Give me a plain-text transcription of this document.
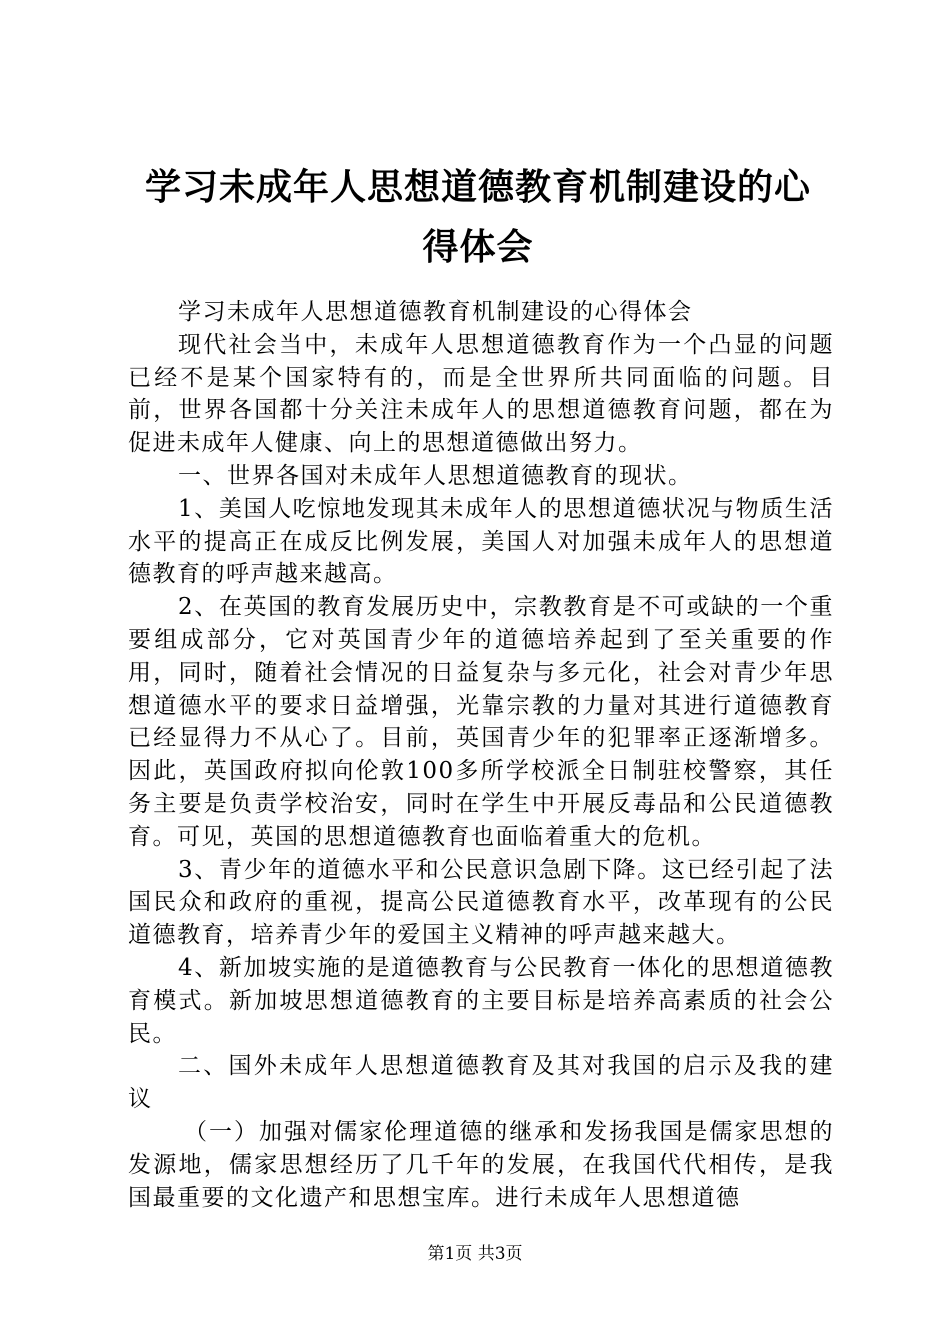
学习未成年人思想道德教育机制建设的心得体会

学习未成年人思想道德教育机制建设的心得体会

现代社会当中，未成年人思想道德教育作为一个凸显的问题已经不是某个国家特有的，而是全世界所共同面临的问题。目前，世界各国都十分关注未成年人的思想道德教育问题，都在为促进未成年人健康、向上的思想道德做出努力。

一、世界各国对未成年人思想道德教育的现状。

1、美国人吃惊地发现其未成年人的思想道德状况与物质生活水平的提高正在成反比例发展，美国人对加强未成年人的思想道德教育的呼声越来越高。

2、在英国的教育发展历史中，宗教教育是不可或缺的一个重要组成部分，它对英国青少年的道德培养起到了至关重要的作用，同时，随着社会情况的日益复杂与多元化，社会对青少年思想道德水平的要求日益增强，光靠宗教的力量对其进行道德教育已经显得力不从心了。目前，英国青少年的犯罪率正逐渐增多。因此，英国政府拟向伦敦100多所学校派全日制驻校警察，其任务主要是负责学校治安，同时在学生中开展反毒品和公民道德教育。可见，英国的思想道德教育也面临着重大的危机。

3、青少年的道德水平和公民意识急剧下降。这已经引起了法国民众和政府的重视，提高公民道德教育水平，改革现有的公民道德教育，培养青少年的爱国主义精神的呼声越来越大。

4、新加坡实施的是道德教育与公民教育一体化的思想道德教育模式。新加坡思想道德教育的主要目标是培养高素质的社会公民。

二、国外未成年人思想道德教育及其对我国的启示及我的建议

（一）加强对儒家伦理道德的继承和发扬我国是儒家思想的发源地，儒家思想经历了几千年的发展，在我国代代相传，是我国最重要的文化遗产和思想宝库。进行未成年人思想道德

第1页 共3页
